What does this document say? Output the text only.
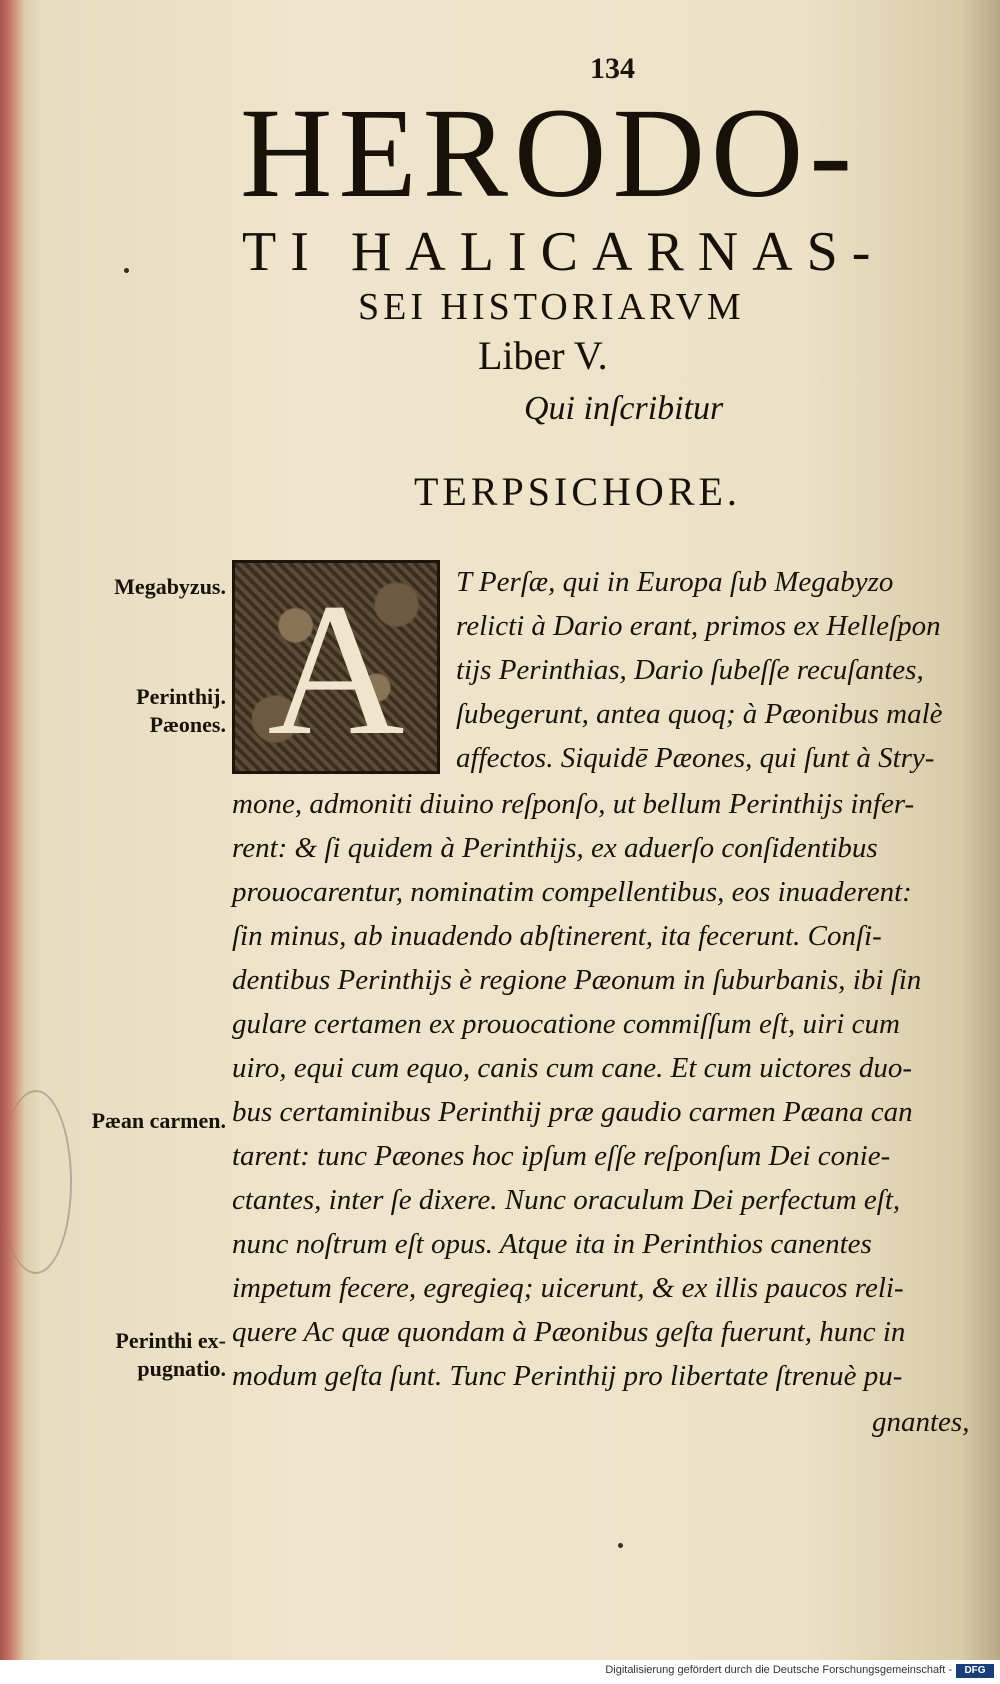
134
HERODO-
TI HALICARNAS-
SEI HISTORIARVM
Liber V.
Qui inſcribitur
TERPSICHORE.
A	T Perſæ, qui in Europa ſub Megabyzo
relicti à Dario erant, primos ex Helleſpon
tijs Perinthias, Dario ſubeſſe recuſantes,
ſubegerunt, antea quoq; à Pæonibus malè
affectos. Siquidē Pæones, qui ſunt à Stry-
mone, admoniti diuino reſponſo, ut bellum Perinthijs infer-
rent: & ſi quidem à Perinthijs, ex aduerſo conſidentibus
prouocarentur, nominatim compellentibus, eos inuaderent:
ſin minus, ab inuadendo abſtinerent, ita fecerunt. Conſi-
dentibus Perinthijs è regione Pæonum in ſuburbanis, ibi ſin
gulare certamen ex prouocatione commiſſum eſt, uiri cum
uiro, equi cum equo, canis cum cane. Et cum uictores duo-
bus certaminibus Perinthij præ gaudio carmen Pæana can
tarent: tunc Pæones hoc ipſum eſſe reſponſum Dei conie-
ctantes, inter ſe dixere. Nunc oraculum Dei perfectum eſt,
nunc noſtrum eſt opus. Atque ita in Perinthios canentes
impetum fecere, egregieq; uicerunt, & ex illis paucos reli-
quere Ac quæ quondam à Pæonibus geſta fuerunt, hunc in
modum geſta ſunt. Tunc Perinthij pro libertate ſtrenuè pu-
gnantes,
Megabyzus.
Perinthij.
Pæones.
Pæan carmen.
Perinthi ex-
pugnatio.
Digitalisierung gefördert durch die Deutsche Forschungsgemeinschaft -	DFG
